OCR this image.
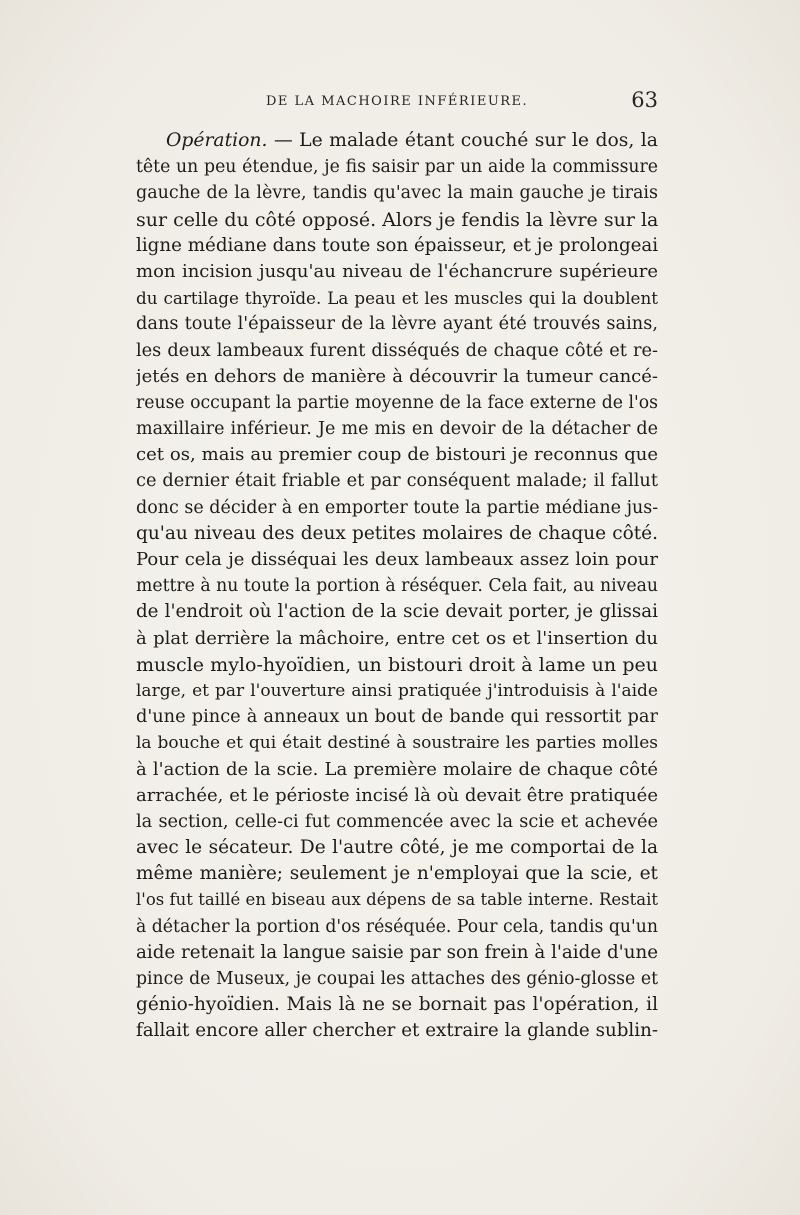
DE LA MACHOIRE INFÉRIEURE.	63
Opération. — Le malade étant couché sur le dos, la
tête un peu étendue, je fis saisir par un aide la commissure
gauche de la lèvre, tandis qu'avec la main gauche je tirais
sur celle du côté opposé. Alors je fendis la lèvre sur la
ligne médiane dans toute son épaisseur, et je prolongeai
mon incision jusqu'au niveau de l'échancrure supérieure
du cartilage thyroïde. La peau et les muscles qui la doublent
dans toute l'épaisseur de la lèvre ayant été trouvés sains,
les deux lambeaux furent disséqués de chaque côté et re-
jetés en dehors de manière à découvrir la tumeur cancé-
reuse occupant la partie moyenne de la face externe de l'os
maxillaire inférieur. Je me mis en devoir de la détacher de
cet os, mais au premier coup de bistouri je reconnus que
ce dernier était friable et par conséquent malade; il fallut
donc se décider à en emporter toute la partie médiane jus-
qu'au niveau des deux petites molaires de chaque côté.
Pour cela je disséquai les deux lambeaux assez loin pour
mettre à nu toute la portion à réséquer. Cela fait, au niveau
de l'endroit où l'action de la scie devait porter, je glissai
à plat derrière la mâchoire, entre cet os et l'insertion du
muscle mylo-hyoïdien, un bistouri droit à lame un peu
large, et par l'ouverture ainsi pratiquée j'introduisis à l'aide
d'une pince à anneaux un bout de bande qui ressortit par
la bouche et qui était destiné à soustraire les parties molles
à l'action de la scie. La première molaire de chaque côté
arrachée, et le périoste incisé là où devait être pratiquée
la section, celle-ci fut commencée avec la scie et achevée
avec le sécateur. De l'autre côté, je me comportai de la
même manière; seulement je n'employai que la scie, et
l'os fut taillé en biseau aux dépens de sa table interne. Restait
à détacher la portion d'os réséquée. Pour cela, tandis qu'un
aide retenait la langue saisie par son frein à l'aide d'une
pince de Museux, je coupai les attaches des génio-glosse et
génio-hyoïdien. Mais là ne se bornait pas l'opération, il
fallait encore aller chercher et extraire la glande sublin-
